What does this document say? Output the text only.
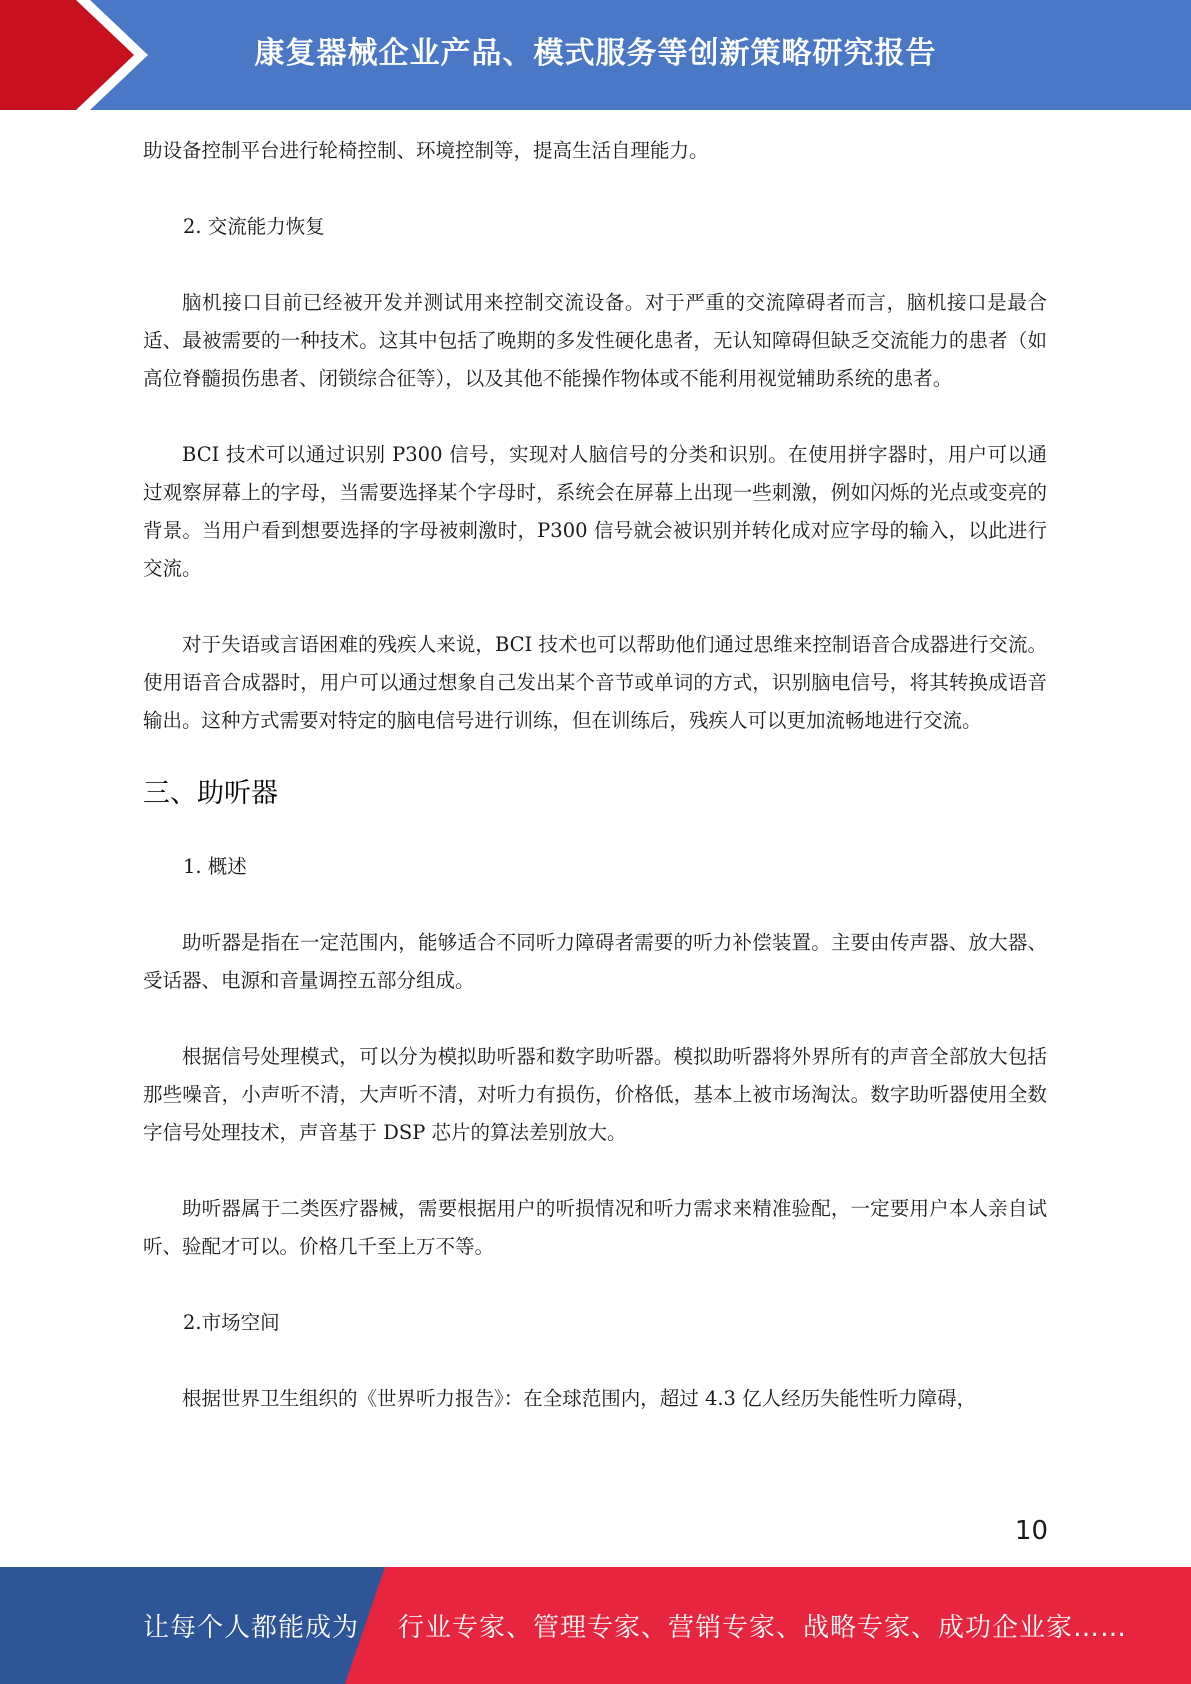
康复器械企业产品、模式服务等创新策略研究报告

助设备控制平台进行轮椅控制、环境控制等，提高生活自理能力。

2. 交流能力恢复

脑机接口目前已经被开发并测试用来控制交流设备。对于严重的交流障碍者而言，脑机接口是最合适、最被需要的一种技术。这其中包括了晚期的多发性硬化患者，无认知障碍但缺乏交流能力的患者（如高位脊髓损伤患者、闭锁综合征等），以及其他不能操作物体或不能利用视觉辅助系统的患者。

BCI 技术可以通过识别 P300 信号，实现对人脑信号的分类和识别。在使用拼字器时，用户可以通过观察屏幕上的字母，当需要选择某个字母时，系统会在屏幕上出现一些刺激，例如闪烁的光点或变亮的背景。当用户看到想要选择的字母被刺激时，P300 信号就会被识别并转化成对应字母的输入，以此进行交流。

对于失语或言语困难的残疾人来说，BCI 技术也可以帮助他们通过思维来控制语音合成器进行交流。使用语音合成器时，用户可以通过想象自己发出某个音节或单词的方式，识别脑电信号，将其转换成语音输出。这种方式需要对特定的脑电信号进行训练，但在训练后，残疾人可以更加流畅地进行交流。

三、助听器

1. 概述

助听器是指在一定范围内，能够适合不同听力障碍者需要的听力补偿装置。主要由传声器、放大器、受话器、电源和音量调控五部分组成。

根据信号处理模式，可以分为模拟助听器和数字助听器。模拟助听器将外界所有的声音全部放大包括那些噪音，小声听不清，大声听不清，对听力有损伤，价格低，基本上被市场淘汰。数字助听器使用全数字信号处理技术，声音基于 DSP 芯片的算法差别放大。

助听器属于二类医疗器械，需要根据用户的听损情况和听力需求来精准验配，一定要用户本人亲自试听、验配才可以。价格几千至上万不等。

2.市场空间

根据世界卫生组织的《世界听力报告》：在全球范围内，超过 4.3 亿人经历失能性听力障碍，

10
让每个人都能成为 行业专家、管理专家、营销专家、战略专家、成功企业家……
